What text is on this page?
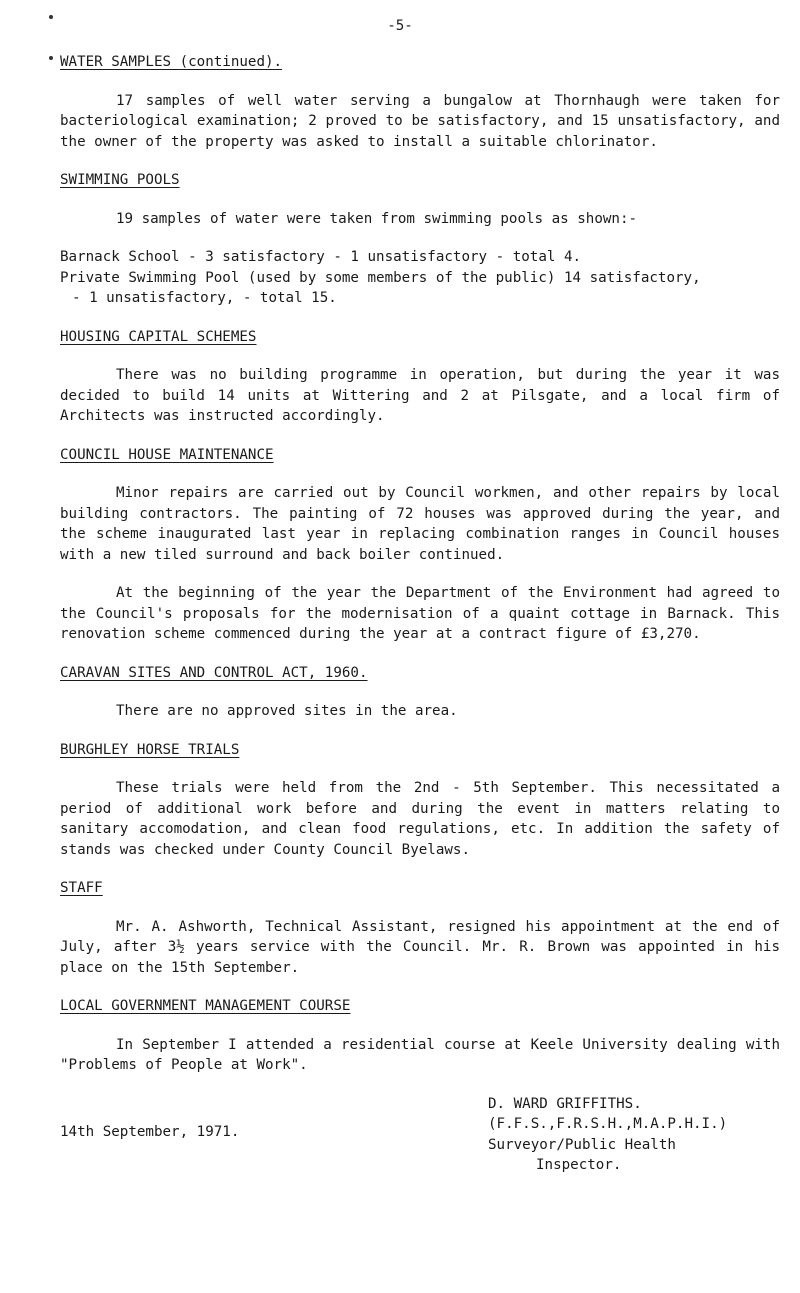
-5-
WATER SAMPLES (continued).

17 samples of well water serving a bungalow at Thornhaugh were taken for bacteriological examination; 2 proved to be satisfactory, and 15 unsatisfactory, and the owner of the property was asked to install a suitable chlorinator.

SWIMMING POOLS

19 samples of water were taken from swimming pools as shown:-

Barnack School - 3 satisfactory - 1 unsatisfactory - total 4.

Private Swimming Pool (used by some members of the public) 14 satisfactory,

- 1 unsatisfactory, - total 15.

HOUSING CAPITAL SCHEMES

There was no building programme in operation, but during the year it was decided to build 14 units at Wittering and 2 at Pilsgate, and a local firm of Architects was instructed accordingly.

COUNCIL HOUSE MAINTENANCE

Minor repairs are carried out by Council workmen, and other repairs by local building contractors. The painting of 72 houses was approved during the year, and the scheme inaugurated last year in replacing combination ranges in Council houses with a new tiled surround and back boiler continued.

At the beginning of the year the Department of the Environment had agreed to the Council's proposals for the modernisation of a quaint cottage in Barnack. This renovation scheme commenced during the year at a contract figure of £3,270.

CARAVAN SITES AND CONTROL ACT, 1960.

There are no approved sites in the area.

BURGHLEY HORSE TRIALS

These trials were held from the 2nd - 5th September. This necessitated a period of additional work before and during the event in matters relating to sanitary accomodation, and clean food regulations, etc. In addition the safety of stands was checked under County Council Byelaws.

STAFF

Mr. A. Ashworth, Technical Assistant, resigned his appointment at the end of July, after 3½ years service with the Council. Mr. R. Brown was appointed in his place on the 15th September.

LOCAL GOVERNMENT MANAGEMENT COURSE

In September I attended a residential course at Keele University dealing with "Problems of People at Work".

14th September, 1971.
D. WARD GRIFFITHS.
(F.F.S.,F.R.S.H.,M.A.P.H.I.)
Surveyor/Public Health
Inspector.
